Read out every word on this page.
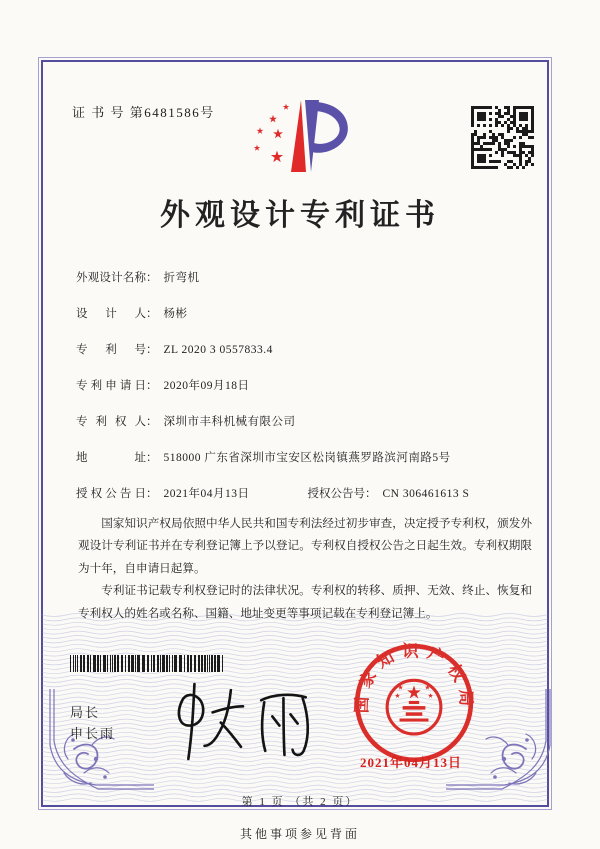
证 书 号 第6481586号
外观设计专利证书
外观设计名称： 折弯机
设计人： 杨彬
专利号： ZL 2020 3 0557833.4
专利申请日： 2020年09月18日
专利权人： 深圳市丰科机械有限公司
地址： 518000 广东省深圳市宝安区松岗镇燕罗路滨河南路5号
授权公告日： 2021年04月13日	授权公告号： CN 306461613 S

国家知识产权局依照中华人民共和国专利法经过初步审查，决定授予专利权，颁发外观设计专利证书并在专利登记簿上予以登记。专利权自授权公告之日起生效。专利权期限为十年，自申请日起算。

专利证书记载专利权登记时的法律状况。专利权的转移、质押、无效、终止、恢复和专利权人的姓名或名称、国籍、地址变更等事项记载在专利登记簿上。

局长
申长雨
国家知识产权局
2021年04月13日
第 1 页 （共 2 页）
其他事项参见背面
